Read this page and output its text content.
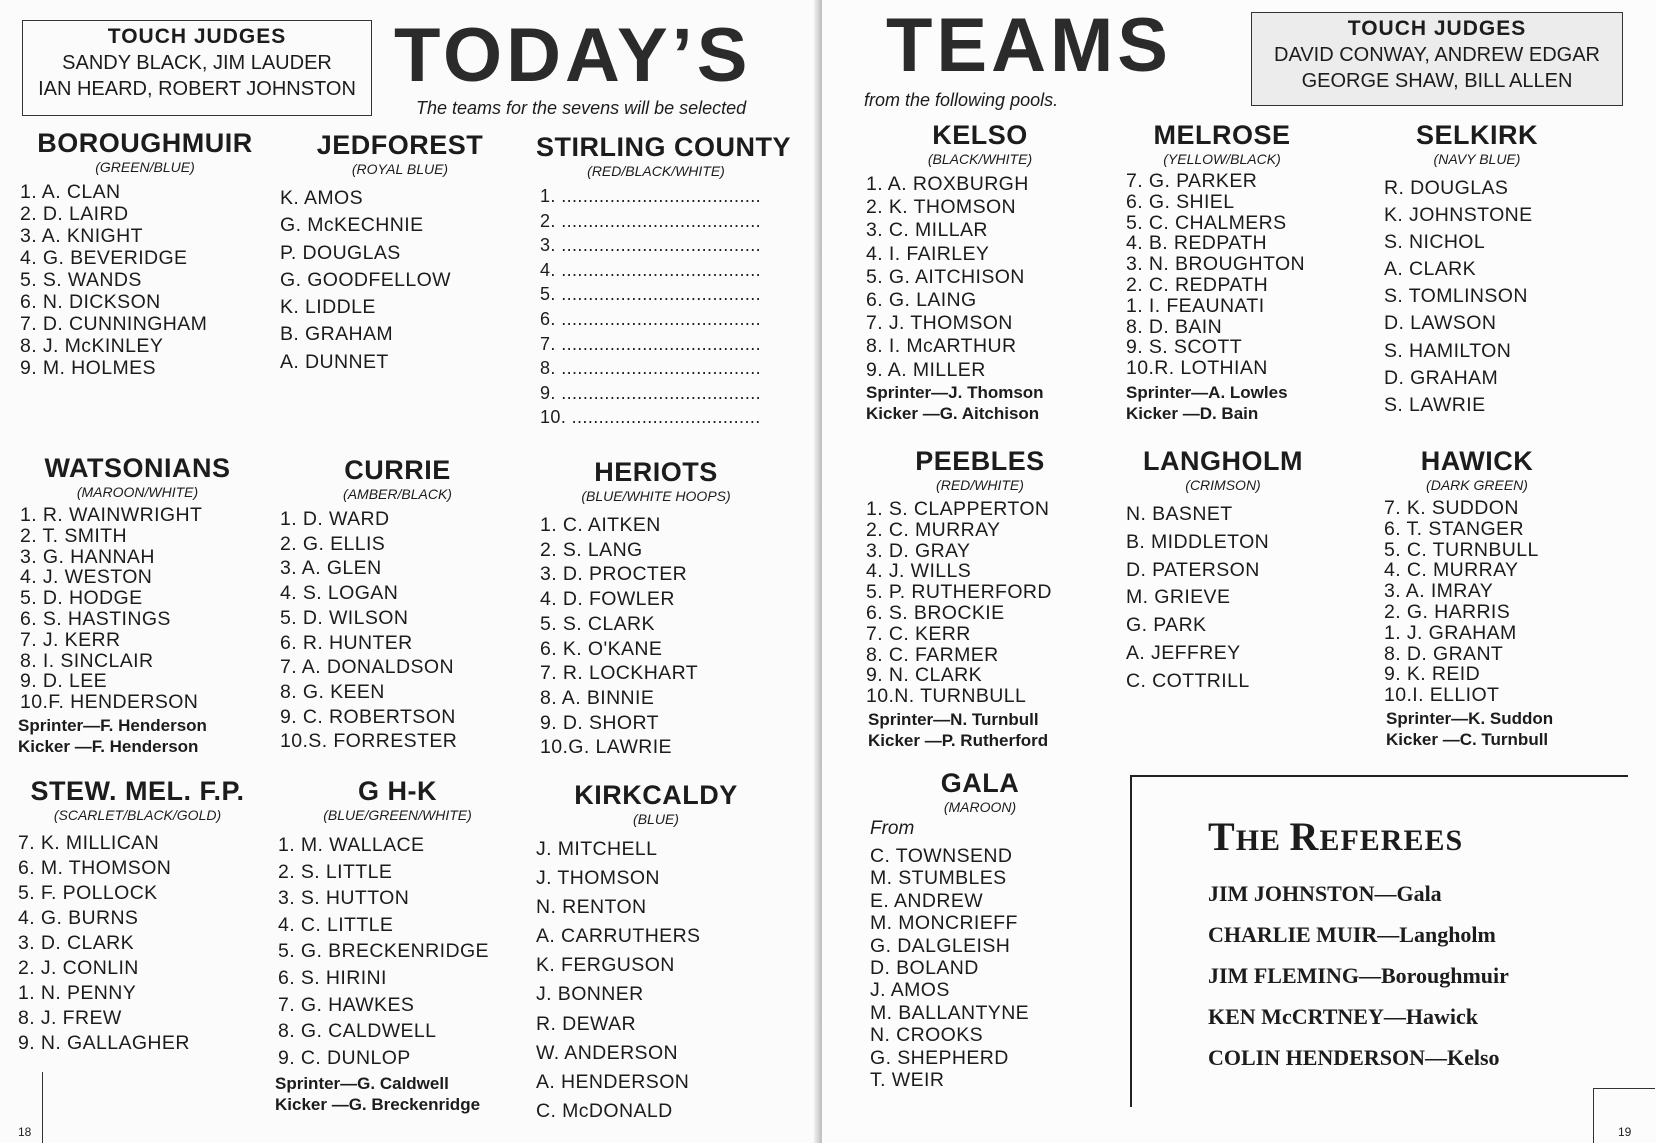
TOUCH JUDGES
SANDY BLACK, JIM LAUDER
IAN HEARD, ROBERT JOHNSTON TODAY’S
The teams for the sevens will be selected
BOROUGHMUIR
(GREEN/BLUE)
1. A. CLAN
2. D. LAIRD
3. A. KNIGHT
4. G. BEVERIDGE
5. S. WANDS
6. N. DICKSON
7. D. CUNNINGHAM
8. J. McKINLEY
9. M. HOLMES
JEDFOREST
(ROYAL BLUE)
K. AMOS
G. McKECHNIE
P. DOUGLAS
G. GOODFELLOW
K. LIDDLE
B. GRAHAM
A. DUNNET
STIRLING COUNTY
(RED/BLACK/WHITE)
1. .....................................
2. .....................................
3. .....................................
4. .....................................
5. .....................................
6. .....................................
7. .....................................
8. .....................................
9. .....................................
10. ...................................
WATSONIANS
(MAROON/WHITE)
1. R. WAINWRIGHT
2. T. SMITH
3. G. HANNAH
4. J. WESTON
5. D. HODGE
6. S. HASTINGS
7. J. KERR
8. I. SINCLAIR
9. D. LEE
10.F. HENDERSON
Sprinter—F. Henderson
Kicker —F. Henderson
CURRIE
(AMBER/BLACK)
1. D. WARD
2. G. ELLIS
3. A. GLEN
4. S. LOGAN
5. D. WILSON
6. R. HUNTER
7. A. DONALDSON
8. G. KEEN
9. C. ROBERTSON
10.S. FORRESTER
HERIOTS
(BLUE/WHITE HOOPS)
1. C. AITKEN
2. S. LANG
3. D. PROCTER
4. D. FOWLER
5. S. CLARK
6. K. O'KANE
7. R. LOCKHART
8. A. BINNIE
9. D. SHORT
10.G. LAWRIE
STEW. MEL. F.P.
(SCARLET/BLACK/GOLD)
7. K. MILLICAN
6. M. THOMSON
5. F. POLLOCK
4. G. BURNS
3. D. CLARK
2. J. CONLIN
1. N. PENNY
8. J. FREW
9. N. GALLAGHER
G H-K
(BLUE/GREEN/WHITE)
1. M. WALLACE
2. S. LITTLE
3. S. HUTTON
4. C. LITTLE
5. G. BRECKENRIDGE
6. S. HIRINI
7. G. HAWKES
8. G. CALDWELL
9. C. DUNLOP
Sprinter—G. Caldwell
Kicker —G. Breckenridge
KIRKCALDY
(BLUE)
J. MITCHELL
J. THOMSON
N. RENTON
A. CARRUTHERS
K. FERGUSON
J. BONNER
R. DEWAR
W. ANDERSON
A. HENDERSON
C. McDONALD
18
TEAMS
from the following pools.
TOUCH JUDGES
DAVID CONWAY, ANDREW EDGAR
GEORGE SHAW, BILL ALLEN
KELSO
(BLACK/WHITE)
1. A. ROXBURGH
2. K. THOMSON
3. C. MILLAR
4. I. FAIRLEY
5. G. AITCHISON
6. G. LAING
7. J. THOMSON
8. I. McARTHUR
9. A. MILLER
Sprinter—J. Thomson
Kicker —G. Aitchison
MELROSE
(YELLOW/BLACK)
7. G. PARKER
6. G. SHIEL
5. C. CHALMERS
4. B. REDPATH
3. N. BROUGHTON
2. C. REDPATH
1. I. FEAUNATI
8. D. BAIN
9. S. SCOTT
10.R. LOTHIAN
Sprinter—A. Lowles
Kicker —D. Bain
SELKIRK
(NAVY BLUE)
R. DOUGLAS
K. JOHNSTONE
S. NICHOL
A. CLARK
S. TOMLINSON
D. LAWSON
S. HAMILTON
D. GRAHAM
S. LAWRIE
PEEBLES
(RED/WHITE)
1. S. CLAPPERTON
2. C. MURRAY
3. D. GRAY
4. J. WILLS
5. P. RUTHERFORD
6. S. BROCKIE
7. C. KERR
8. C. FARMER
9. N. CLARK
10.N. TURNBULL
Sprinter—N. Turnbull
Kicker —P. Rutherford
LANGHOLM
(CRIMSON)
N. BASNET
B. MIDDLETON
D. PATERSON
M. GRIEVE
G. PARK
A. JEFFREY
C. COTTRILL
HAWICK
(DARK GREEN)
7. K. SUDDON
6. T. STANGER
5. C. TURNBULL
4. C. MURRAY
3. A. IMRAY
2. G. HARRIS
1. J. GRAHAM
8. D. GRANT
9. K. REID
10.I. ELLIOT
Sprinter—K. Suddon
Kicker —C. Turnbull
GALA
(MAROON)
From
C. TOWNSEND
M. STUMBLES
E. ANDREW
M. MONCRIEFF
G. DALGLEISH
D. BOLAND
J. AMOS
M. BALLANTYNE
N. CROOKS
G. SHEPHERD
T. WEIR
THE REFEREES
JIM JOHNSTON—Gala
CHARLIE MUIR—Langholm
JIM FLEMING—Boroughmuir
KEN McCRTNEY—Hawick
COLIN HENDERSON—Kelso
19
